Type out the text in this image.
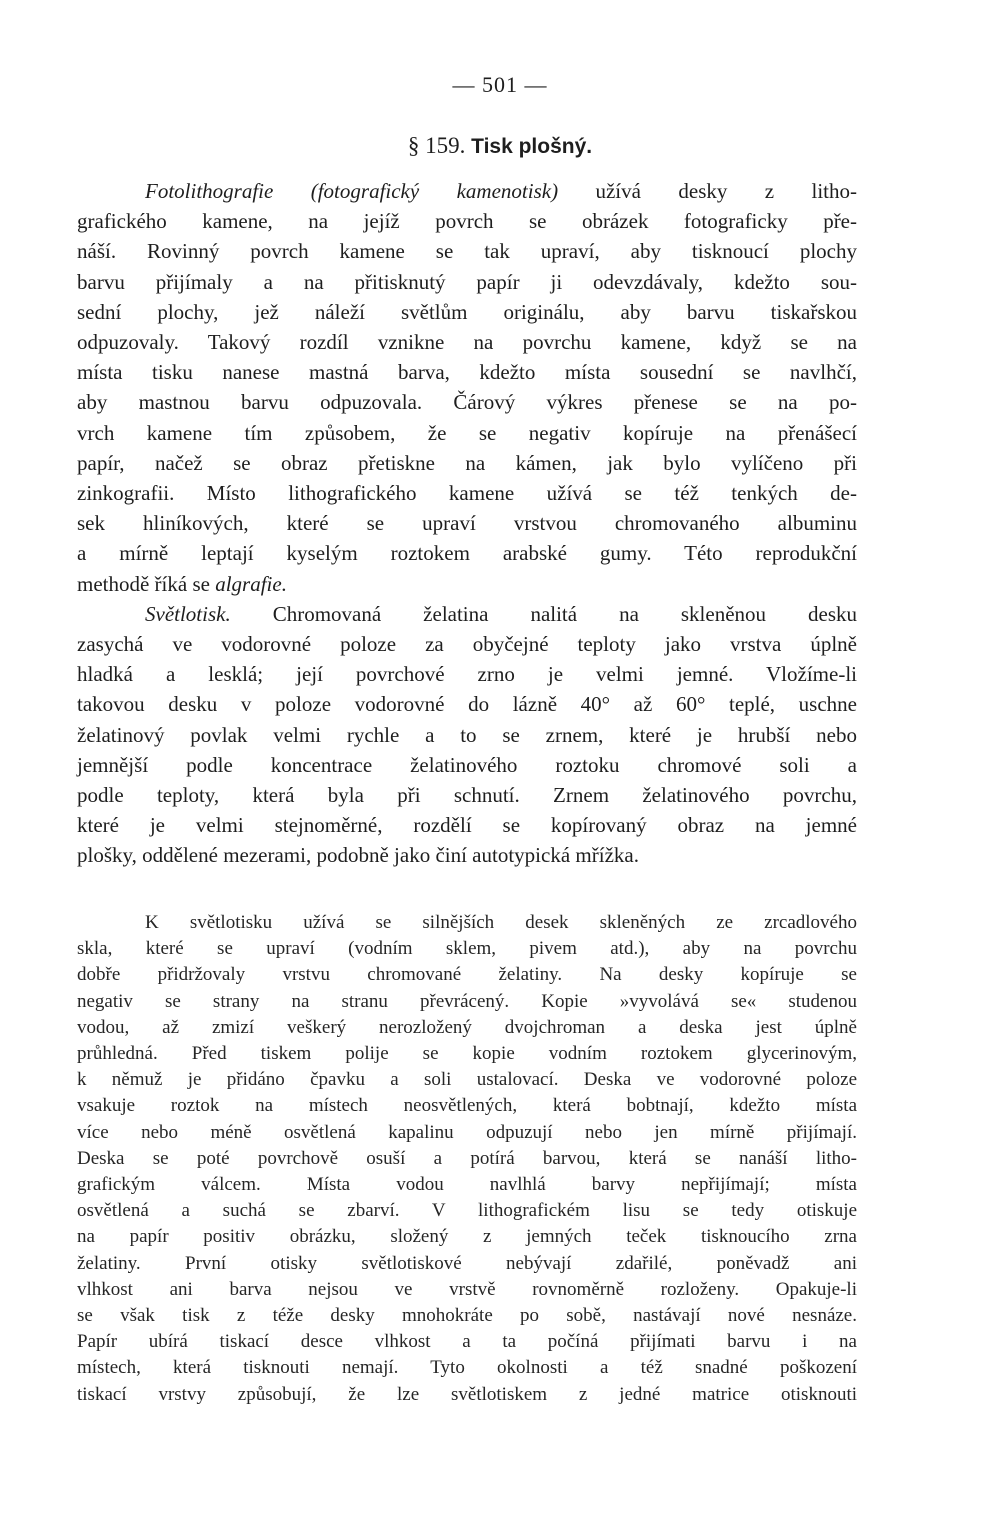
— 501 —
§ 159. Tisk plošný.
Fotolithografie (fotografický kamenotisk) užívá desky z litho-
grafického kamene, na jejíž povrch se obrázek fotograficky pře-
náší. Rovinný povrch kamene se tak upraví, aby tisknoucí plochy
barvu přijímaly a na přitisknutý papír ji odevzdávaly, kdežto sou-
sední plochy, jež náleží světlům originálu, aby barvu tiskařskou
odpuzovaly. Takový rozdíl vznikne na povrchu kamene, když se na
místa tisku nanese mastná barva, kdežto místa sousední se navlhčí,
aby mastnou barvu odpuzovala. Čárový výkres přenese se na po-
vrch kamene tím způsobem, že se negativ kopíruje na přenášecí
papír, načež se obraz přetiskne na kámen, jak bylo vylíčeno při
zinkografii. Místo lithografického kamene užívá se též tenkých de-
sek hliníkových, které se upraví vrstvou chromovaného albuminu
a mírně leptají kyselým roztokem arabské gumy. Této reprodukční
methodě říká se algrafie.
Světlotisk. Chromovaná želatina nalitá na skleněnou desku
zasychá ve vodorovné poloze za obyčejné teploty jako vrstva úplně
hladká a lesklá; její povrchové zrno je velmi jemné. Vložíme-li
takovou desku v poloze vodorovné do lázně 40° až 60° teplé, uschne
želatinový povlak velmi rychle a to se zrnem, které je hrubší nebo
jemnější podle koncentrace želatinového roztoku chromové soli a
podle teploty, která byla při schnutí. Zrnem želatinového povrchu,
které je velmi stejnoměrné, rozdělí se kopírovaný obraz na jemné
plošky, oddělené mezerami, podobně jako činí autotypická mřížka.
K světlotisku užívá se silnějších desek skleněných ze zrcadlového
skla, které se upraví (vodním sklem, pivem atd.), aby na povrchu
dobře přidržovaly vrstvu chromované želatiny. Na desky kopíruje se
negativ se strany na stranu převrácený. Kopie »vyvolává se« studenou
vodou, až zmizí veškerý nerozložený dvojchroman a deska jest úplně
průhledná. Před tiskem polije se kopie vodním roztokem glycerinovým,
k němuž je přidáno čpavku a soli ustalovací. Deska ve vodorovné poloze
vsakuje roztok na místech neosvětlených, která bobtnají, kdežto místa
více nebo méně osvětlená kapalinu odpuzují nebo jen mírně přijímají.
Deska se poté povrchově osuší a potírá barvou, která se nanáší litho-
grafickým válcem. Místa vodou navlhlá barvy nepřijímají; místa
osvětlená a suchá se zbarví. V lithografickém lisu se tedy otiskuje
na papír positiv obrázku, složený z jemných teček tisknoucího zrna
želatiny. První otisky světlotiskové nebývají zdařilé, poněvadž ani
vlhkost ani barva nejsou ve vrstvě rovnoměrně rozloženy. Opakuje-li
se však tisk z téže desky mnohokráte po sobě, nastávají nové nesnáze.
Papír ubírá tiskací desce vlhkost a ta počíná přijímati barvu i na
místech, která tisknouti nemají. Tyto okolnosti a též snadné poškození
tiskací vrstvy způsobují, že lze světlotiskem z jedné matrice otisknouti
